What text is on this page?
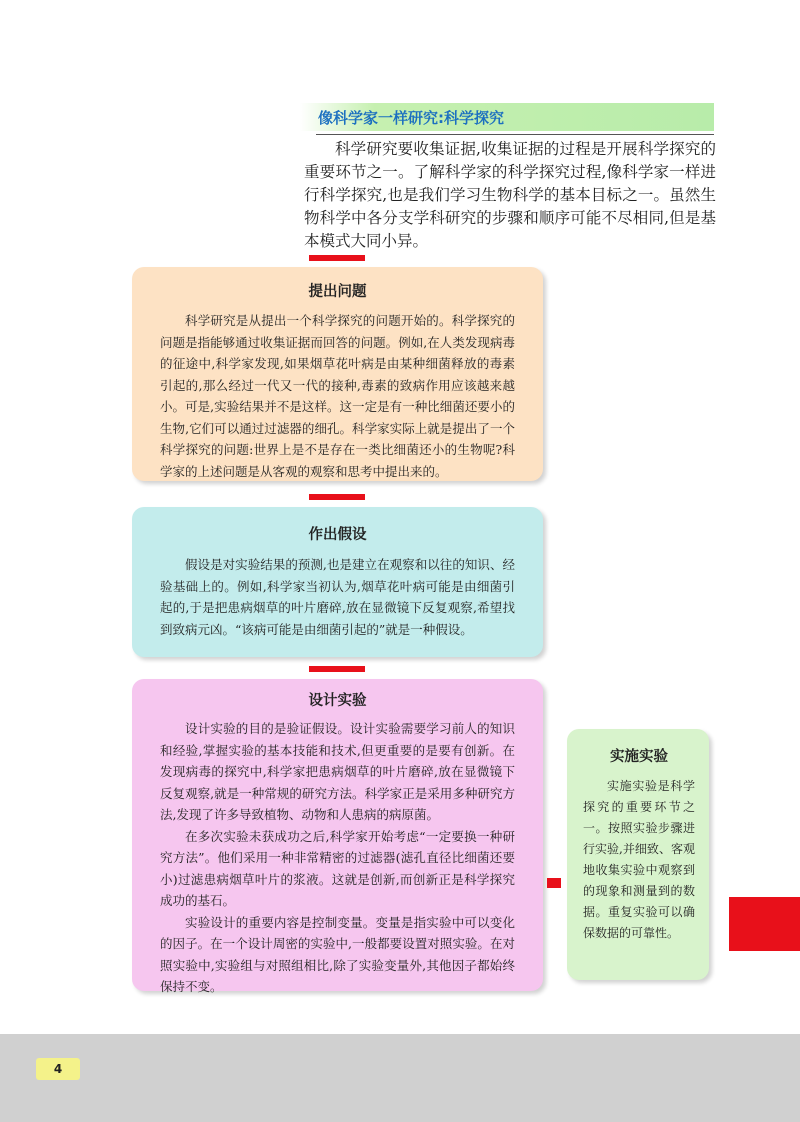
像科学家一样研究:科学探究

科学研究要收集证据,收集证据的过程是开展科学探究的重要环节之一。了解科学家的科学探究过程,像科学家一样进行科学探究,也是我们学习生物科学的基本目标之一。虽然生物科学中各分支学科研究的步骤和顺序可能不尽相同,但是基本模式大同小异。

提出问题

科学研究是从提出一个科学探究的问题开始的。科学探究的问题是指能够通过收集证据而回答的问题。例如,在人类发现病毒的征途中,科学家发现,如果烟草花叶病是由某种细菌释放的毒素引起的,那么经过一代又一代的接种,毒素的致病作用应该越来越小。可是,实验结果并不是这样。这一定是有一种比细菌还要小的生物,它们可以通过过滤器的细孔。科学家实际上就是提出了一个科学探究的问题:世界上是不是存在一类比细菌还小的生物呢?科学家的上述问题是从客观的观察和思考中提出来的。

作出假设

假设是对实验结果的预测,也是建立在观察和以往的知识、经验基础上的。例如,科学家当初认为,烟草花叶病可能是由细菌引起的,于是把患病烟草的叶片磨碎,放在显微镜下反复观察,希望找到致病元凶。“该病可能是由细菌引起的”就是一种假设。

设计实验

设计实验的目的是验证假设。设计实验需要学习前人的知识和经验,掌握实验的基本技能和技术,但更重要的是要有创新。在发现病毒的探究中,科学家把患病烟草的叶片磨碎,放在显微镜下反复观察,就是一种常规的研究方法。科学家正是采用多种研究方法,发现了许多导致植物、动物和人患病的病原菌。

在多次实验未获成功之后,科学家开始考虑“一定要换一种研究方法”。他们采用一种非常精密的过滤器(滤孔直径比细菌还要小)过滤患病烟草叶片的浆液。这就是创新,而创新正是科学探究成功的基石。

实验设计的重要内容是控制变量。变量是指实验中可以变化的因子。在一个设计周密的实验中,一般都要设置对照实验。在对照实验中,实验组与对照组相比,除了实验变量外,其他因子都始终保持不变。

实施实验

实施实验是科学探究的重要环节之一。按照实验步骤进行实验,并细致、客观地收集实验中观察到的现象和测量到的数据。重复实验可以确保数据的可靠性。

4
